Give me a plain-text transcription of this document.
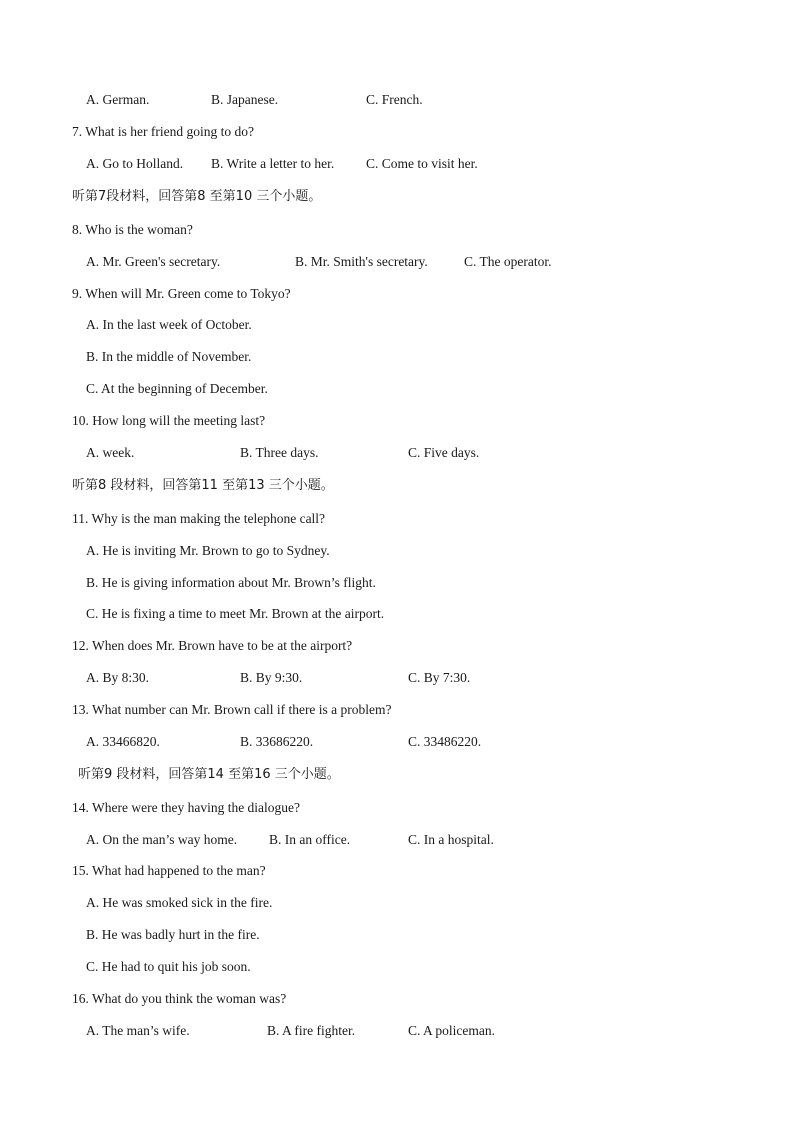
A. German.	B. Japanese.	C. French.
7. What is her friend going to do?
A. Go to Holland. B. Write a letter to her. C. Come to visit her.
听第7段材料，回答第8 至第10 三个小题。
8. Who is the woman?
A. Mr. Green's secretary.	B. Mr. Smith's secretary.	C. The operator.
9. When will Mr. Green come to Tokyo?
A. In the last week of October.
B. In the middle of November.
C. At the beginning of December.
10. How long will the meeting last?
A. week.	B. Three days.	C. Five days.
听第8 段材料，回答第11 至第13 三个小题。
11. Why is the man making the telephone call?
A. He is inviting Mr. Brown to go to Sydney.
B. He is giving information about Mr. Brown’s flight.
C. He is fixing a time to meet Mr. Brown at the airport.
12. When does Mr. Brown have to be at the airport?
A. By 8:30.	B. By 9:30.	C. By 7:30.
13. What number can Mr. Brown call if there is a problem?
A. 33466820.	B. 33686220.	C. 33486220.
听第9 段材料，回答第14 至第16 三个小题。
14. Where were they having the dialogue?
A. On the man’s way home. B. In an office.	C. In a hospital.
15. What had happened to the man?
A. He was smoked sick in the fire.
B. He was badly hurt in the fire.
C. He had to quit his job soon.
16. What do you think the woman was?
A. The man’s wife.	B. A fire fighter.	C. A policeman.
